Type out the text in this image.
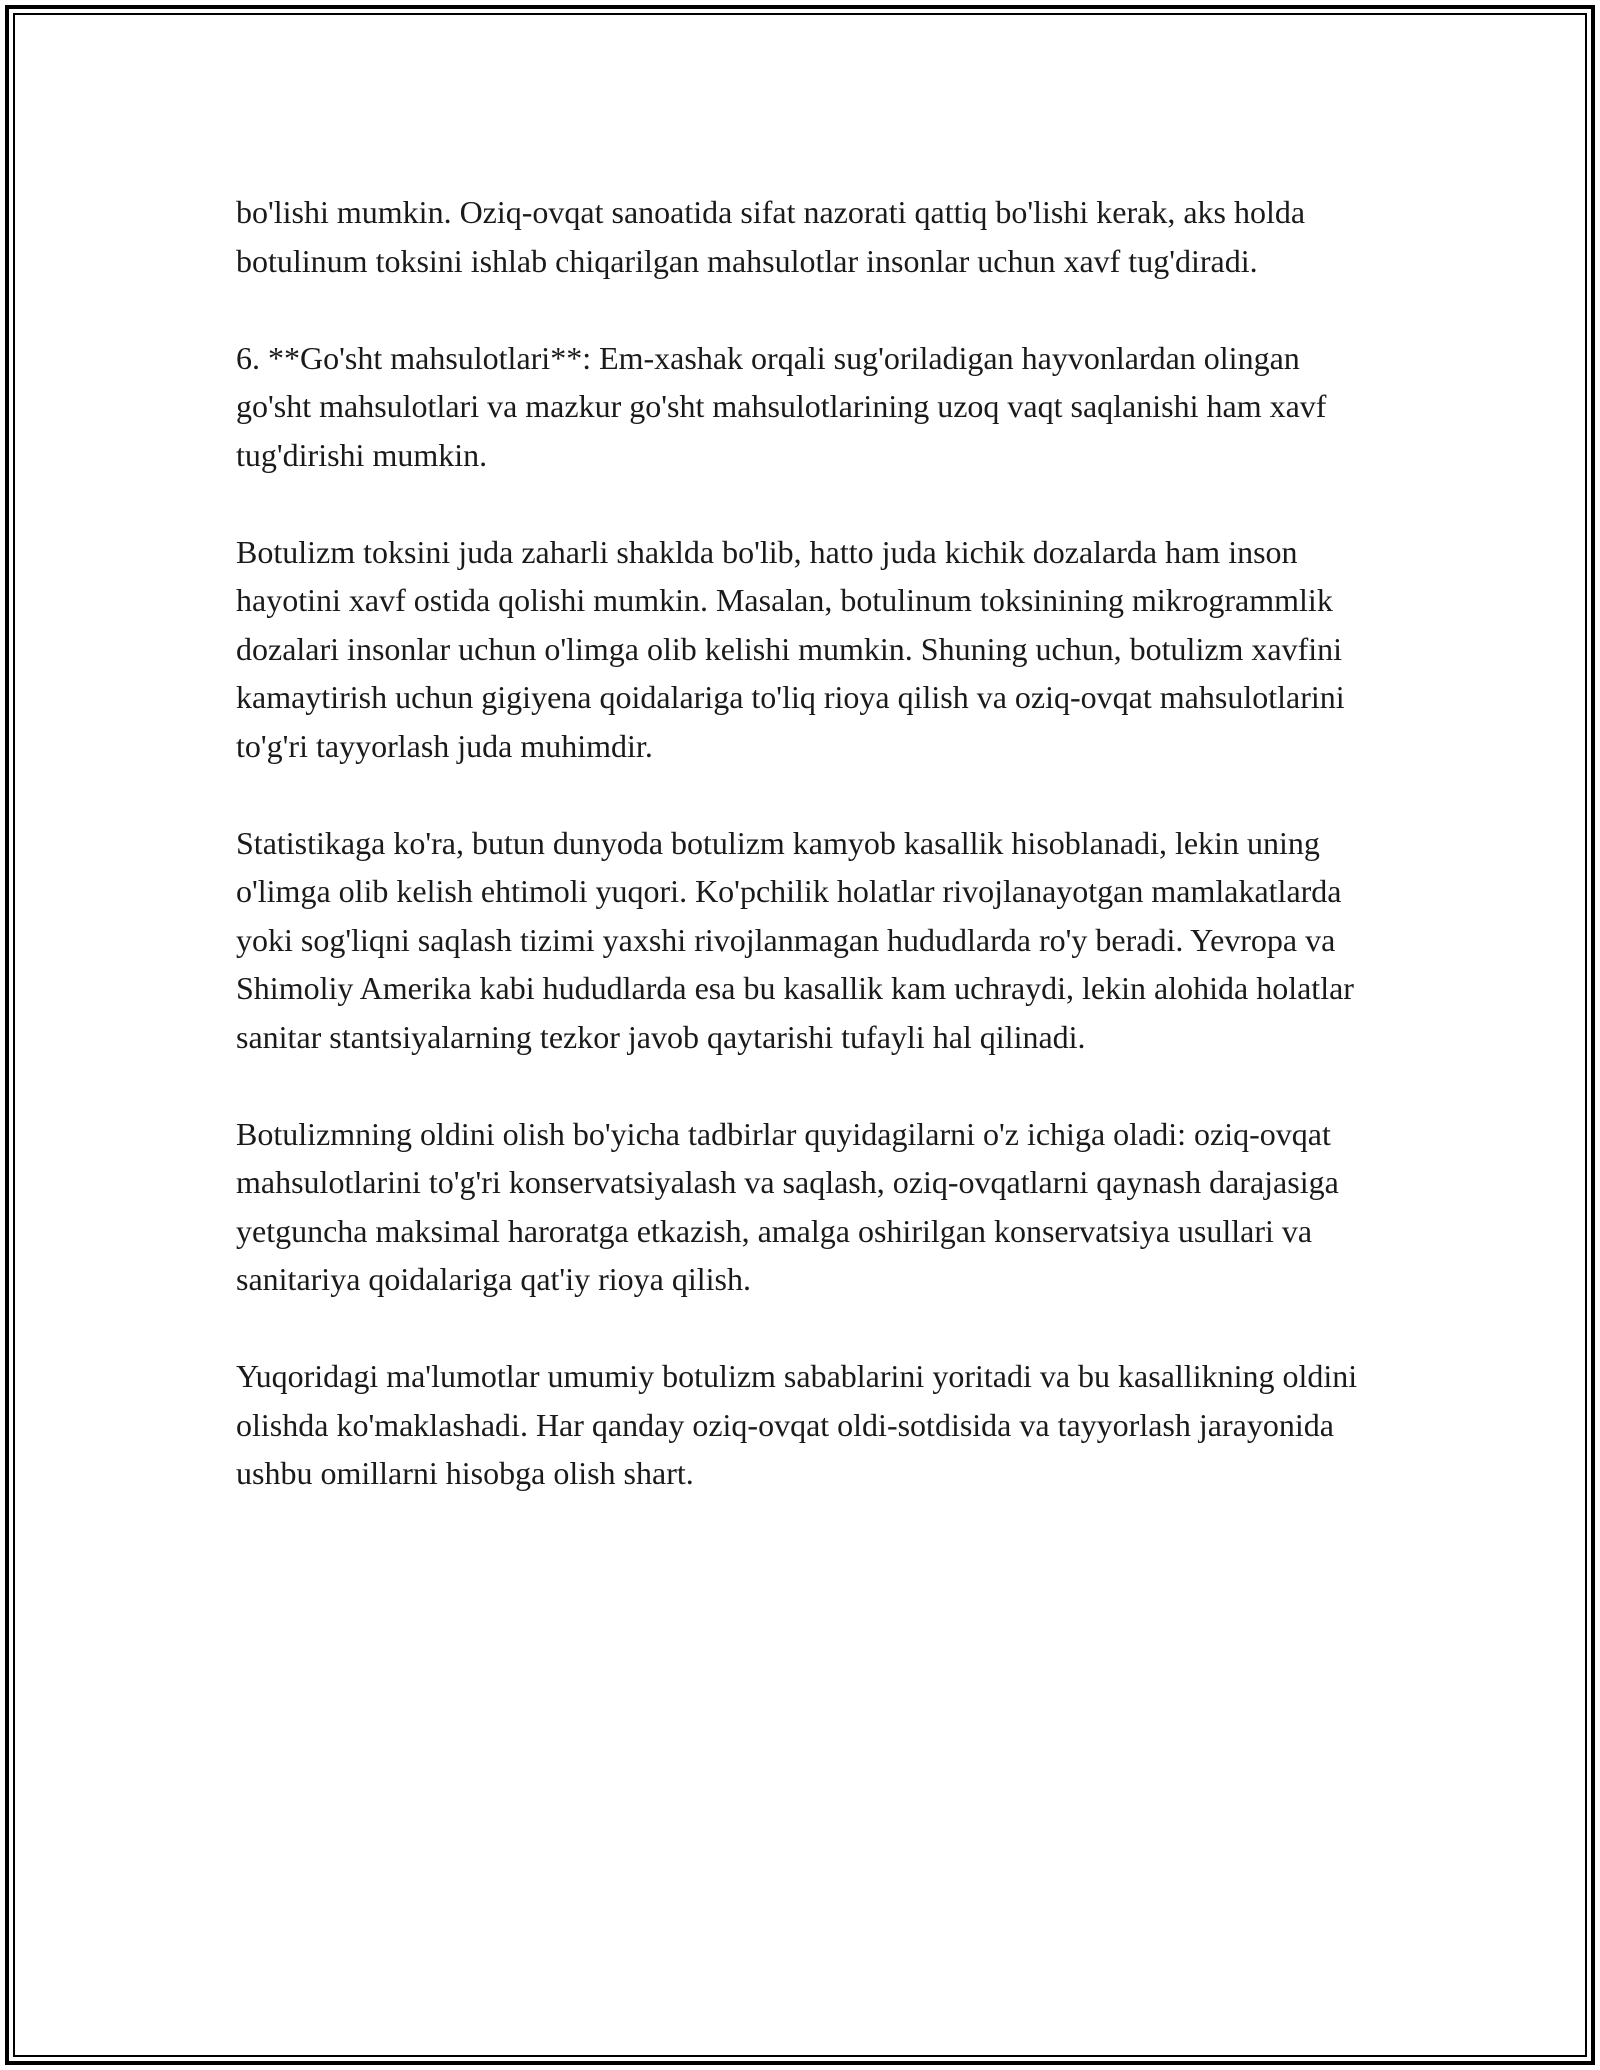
bo'lishi mumkin. Oziq-ovqat sanoatida sifat nazorati qattiq bo'lishi kerak, aks holda botulinum toksini ishlab chiqarilgan mahsulotlar insonlar uchun xavf tug'diradi.

6. **Go'sht mahsulotlari**: Em-xashak orqali sug'oriladigan hayvonlardan olingan go'sht mahsulotlari va mazkur go'sht mahsulotlarining uzoq vaqt saqlanishi ham xavf tug'dirishi mumkin.

Botulizm toksini juda zaharli shaklda bo'lib, hatto juda kichik dozalarda ham inson hayotini xavf ostida qolishi mumkin. Masalan, botulinum toksinining mikrogrammlik dozalari insonlar uchun o'limga olib kelishi mumkin. Shuning uchun, botulizm xavfini kamaytirish uchun gigiyena qoidalariga to'liq rioya qilish va oziq-ovqat mahsulotlarini to'g'ri tayyorlash juda muhimdir.

Statistikaga ko'ra, butun dunyoda botulizm kamyob kasallik hisoblanadi, lekin uning o'limga olib kelish ehtimoli yuqori. Ko'pchilik holatlar rivojlanayotgan mamlakatlarda yoki sog'liqni saqlash tizimi yaxshi rivojlanmagan hududlarda ro'y beradi. Yevropa va Shimoliy Amerika kabi hududlarda esa bu kasallik kam uchraydi, lekin alohida holatlar sanitar stantsiyalarning tezkor javob qaytarishi tufayli hal qilinadi.

Botulizmning oldini olish bo'yicha tadbirlar quyidagilarni o'z ichiga oladi: oziq-ovqat mahsulotlarini to'g'ri konservatsiyalash va saqlash, oziq-ovqatlarni qaynash darajasiga yetguncha maksimal haroratga etkazish, amalga oshirilgan konservatsiya usullari va sanitariya qoidalariga qat'iy rioya qilish.

Yuqoridagi ma'lumotlar umumiy botulizm sabablarini yoritadi va bu kasallikning oldini olishda ko'maklashadi. Har qanday oziq-ovqat oldi-sotdisida va tayyorlash jarayonida ushbu omillarni hisobga olish shart.
